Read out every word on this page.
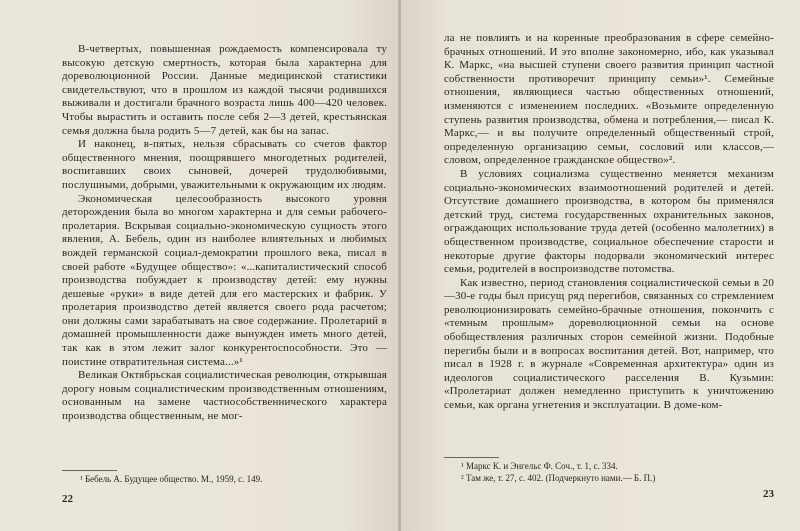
В-четвертых, повышенная рождаемость компенсировала ту высокую детскую смертность, которая была характерна для дореволюционной России. Данные медицинской статистики свидетельствуют, что в прошлом из каждой тысячи родившихся выживали и достигали брачного возраста лишь 400—420 человек. Чтобы вырастить и оставить после себя 2—3 детей, крестьянская семья должна была родить 5—7 детей, как бы на запас.

И наконец, в-пятых, нельзя сбрасывать со счетов фактор общественного мнения, поощрявшего многодетных родителей, воспитавших своих сыновей, дочерей трудолюбивыми, послушными, добрыми, уважительными к окружающим их людям.

Экономическая целесообразность высокого уровня деторождения была во многом характерна и для семьи рабочего-пролетария. Вскрывая социально-экономическую сущность этого явления, А. Бебель, один из наиболее влиятельных и любимых вождей германской социал-демократии прошлого века, писал в своей работе «Будущее общество»: «...капиталистический способ производства побуждает к производству детей: ему нужны дешевые «руки» в виде детей для его мастерских и фабрик. У пролетария производство детей является своего рода расчетом; они должны сами зарабатывать на свое содержание. Пролетарий в домашней промышленности даже вынужден иметь много детей, так как в этом лежит залог конкурентоспособности. Это — поистине отвратительная система...»¹

Великая Октябрьская социалистическая революция, открывшая дорогу новым социалистическим производственным отношениям, основанным на замене частнособственнического характера производства общественным, не мог-

¹ Бебель А. Будущее общество. М., 1959, с. 149.

22

ла не повлиять и на коренные преобразования в сфере семейно-брачных отношений. И это вполне закономерно, ибо, как указывал К. Маркс, «на высшей ступени своего развития принцип частной собственности противоречит принципу семьи»¹. Семейные отношения, являющиеся частью общественных отношений, изменяются с изменением последних. «Возьмите определенную ступень развития производства, обмена и потребления,— писал К. Маркс,— и вы получите определенный общественный строй, определенную организацию семьи, сословий или классов,— словом, определенное гражданское общество»².

В условиях социализма существенно меняется механизм социально-экономических взаимоотношений родителей и детей. Отсутствие домашнего производства, в котором бы применялся детский труд, система государственных охранительных законов, ограждающих использование труда детей (особенно малолетних) в общественном производстве, социальное обеспечение старости и некоторые другие факторы подорвали экономический интерес семьи, родителей в воспроизводстве потомства.

Как известно, период становления социалистической семьи в 20—30-е годы был присущ ряд перегибов, связанных со стремлением революционизировать семейно-брачные отношения, покончить с «темным прошлым» дореволюционной семьи на основе обобществления различных сторон семейной жизни. Подобные перегибы были и в вопросах воспитания детей. Вот, например, что писал в 1928 г. в журнале «Современная архитектура» один из идеологов социалистического расселения В. Кузьмин: «Пролетариат должен немедленно приступить к уничтожению семьи, как органа угнетения и эксплуатации. В доме-ком-

¹ Маркс К. и Энгельс Ф. Соч., т. 1, с. 334.

² Там же, т. 27, с. 402. (Подчеркнуто нами.— Б. П.)

23
